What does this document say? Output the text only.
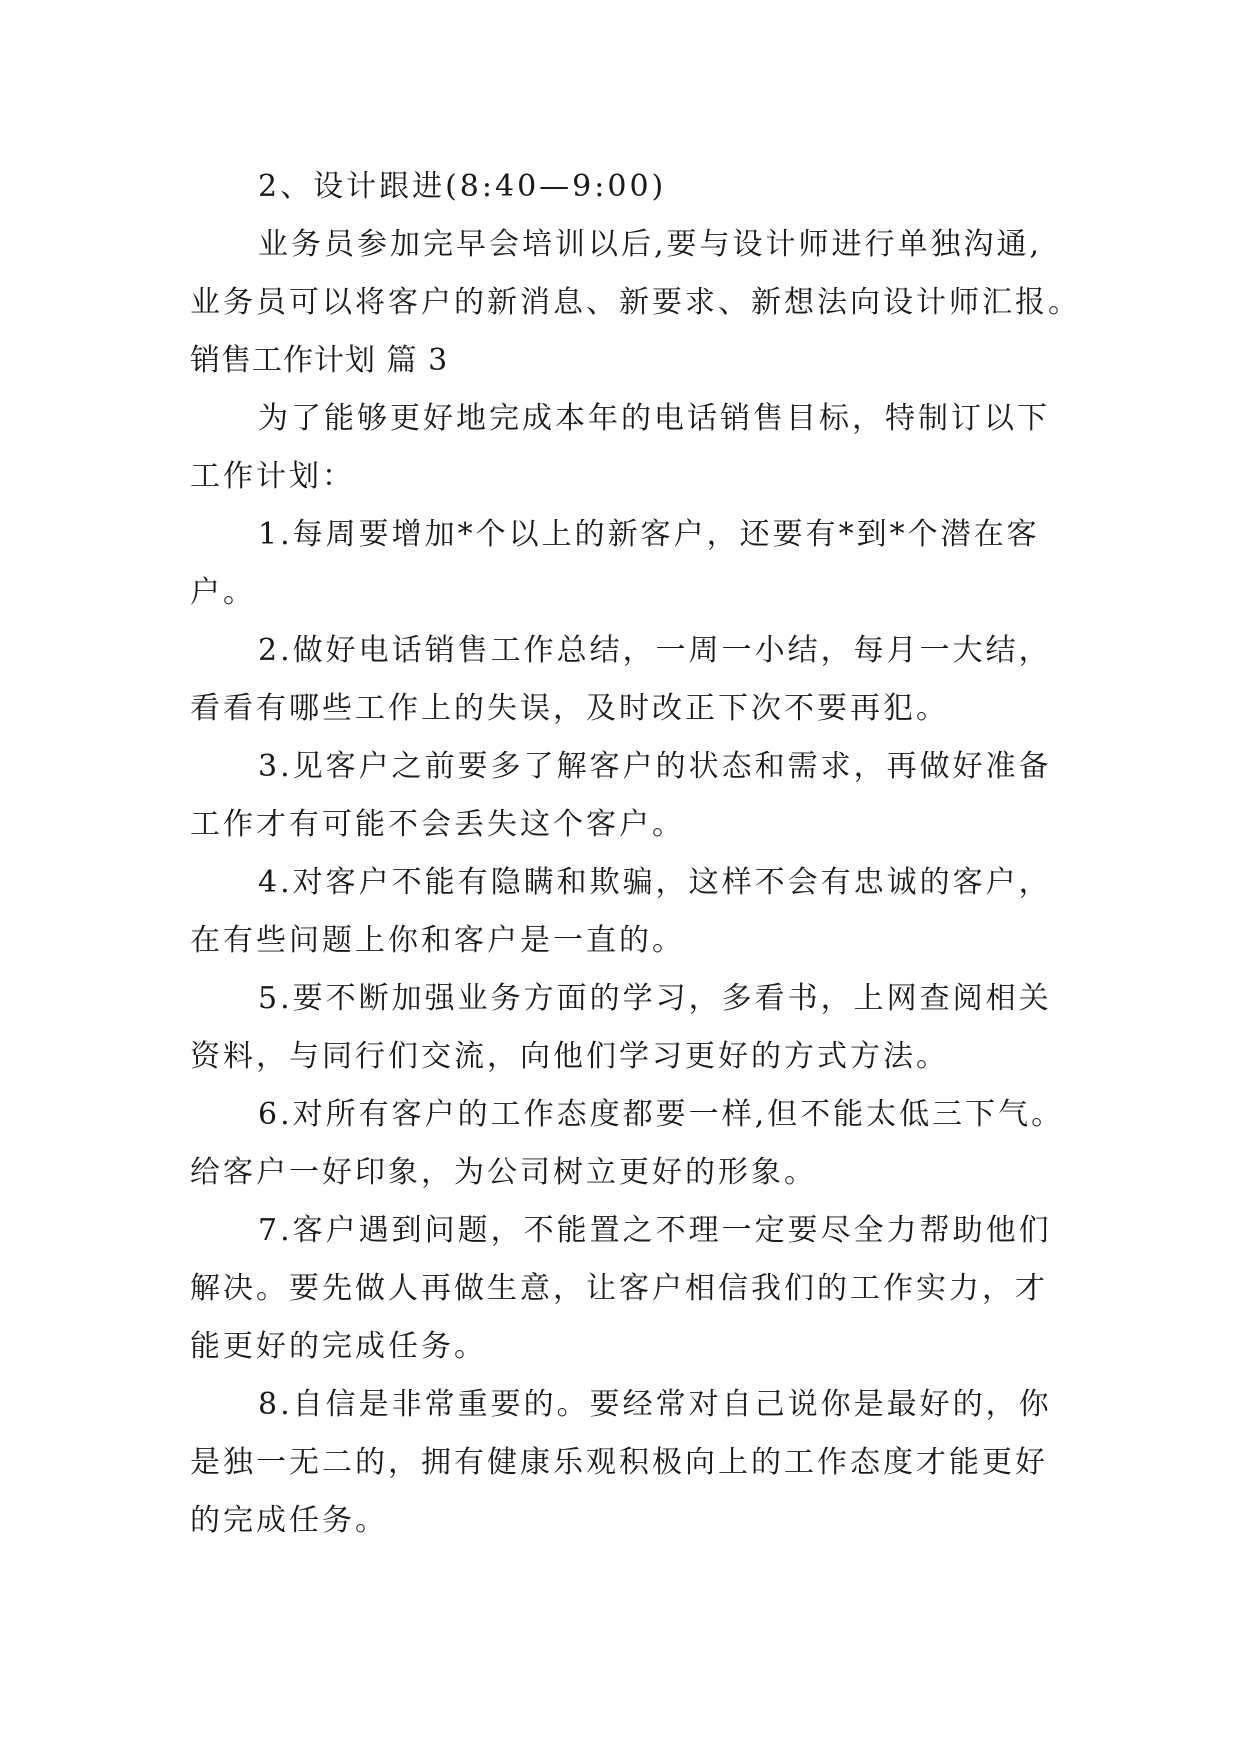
2、设计跟进(8:40—9:00)
业务员参加完早会培训以后,要与设计师进行单独沟通,
业务员可以将客户的新消息、新要求、新想法向设计师汇报。
销售工作计划 篇 3
为了能够更好地完成本年的电话销售目标，特制订以下
工作计划：
1.每周要增加*个以上的新客户，还要有*到*个潜在客
户。
2.做好电话销售工作总结，一周一小结，每月一大结，
看看有哪些工作上的失误，及时改正下次不要再犯。
3.见客户之前要多了解客户的状态和需求，再做好准备
工作才有可能不会丢失这个客户。
4.对客户不能有隐瞒和欺骗，这样不会有忠诚的客户，
在有些问题上你和客户是一直的。
5.要不断加强业务方面的学习，多看书，上网查阅相关
资料，与同行们交流，向他们学习更好的方式方法。
6.对所有客户的工作态度都要一样,但不能太低三下气。
给客户一好印象，为公司树立更好的形象。
7.客户遇到问题，不能置之不理一定要尽全力帮助他们
解决。要先做人再做生意，让客户相信我们的工作实力，才
能更好的完成任务。
8.自信是非常重要的。要经常对自己说你是最好的，你
是独一无二的，拥有健康乐观积极向上的工作态度才能更好
的完成任务。
